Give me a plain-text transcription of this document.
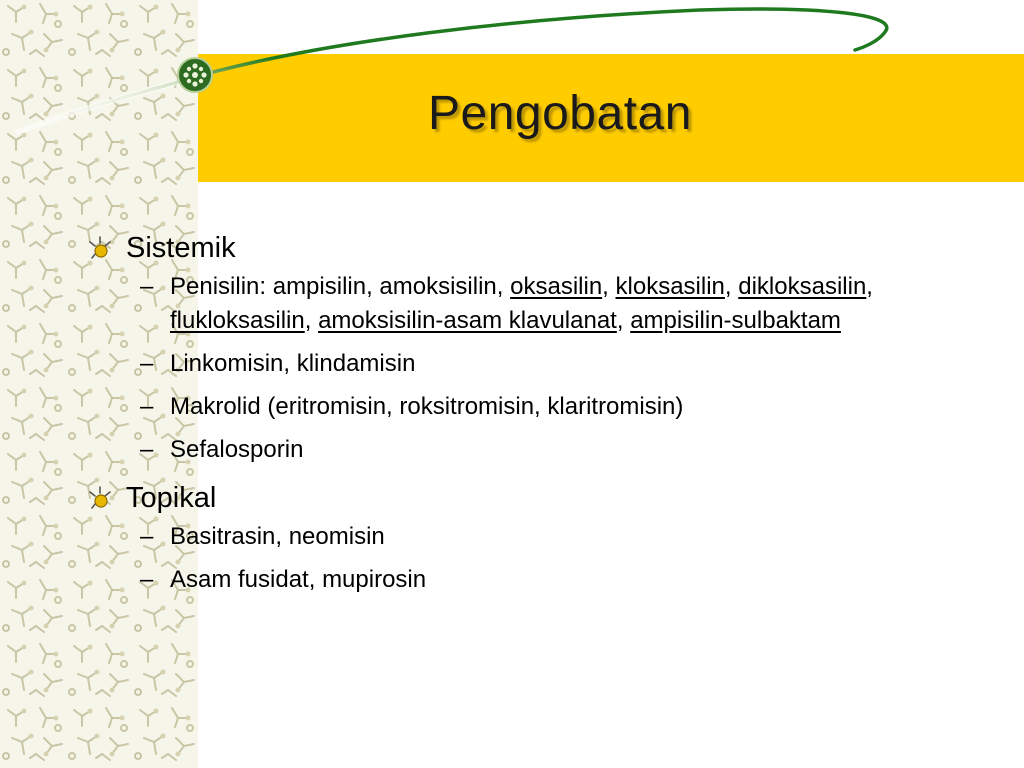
Pengobatan
Sistemik
– Penisilin: ampisilin, amoksisilin, oksasilin, kloksasilin, dikloksasilin, flukloksasilin, amoksisilin-asam klavulanat, ampisilin-sulbaktam
– Linkomisin, klindamisin
– Makrolid (eritromisin, roksitromisin, klaritromisin)
– Sefalosporin
Topikal
– Basitrasin, neomisin
– Asam fusidat, mupirosin
